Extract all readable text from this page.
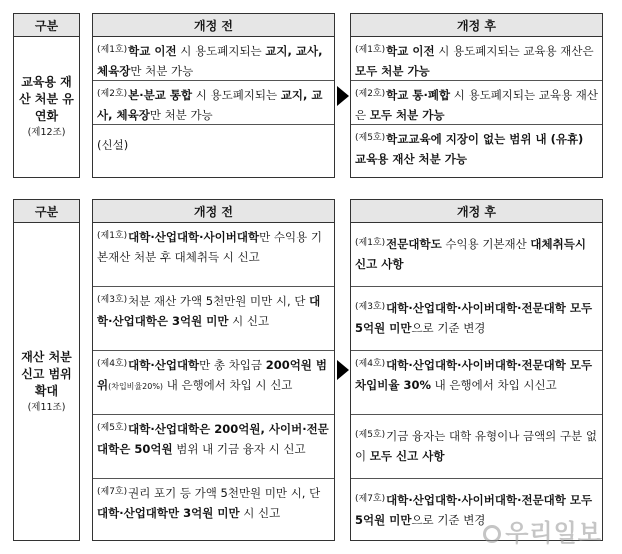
구분
교육용 재산 처분 유연화
(제12조)
개정 전
$^{(제1호)}$학교 이전 시 용도폐지되는 교지, 교사, 체육장만 처분 가능
$^{(제2호)}$본·분교 통합 시 용도폐지되는 교지, 교사, 체육장만 처분 가능
(신설)
개정 후
$^{(제1호)}$학교 이전 시 용도폐지되는 교육용 재산은 모두 처분 가능
$^{(제2호)}$학교 통·폐합 시 용도폐지되는 교육용 재산은 모두 처분 가능
$^{(제5호)}$학교교육에 지장이 없는 범위 내 (유휴) 교육용 재산 처분 가능
구분
재산 처분 신고 범위 확대
(제11조)
개정 전
$^{(제1호)}$대학·산업대학·사이버대학만 수익용 기본재산 처분 후 대체취득 시 신고
$^{(제3호)}$처분 재산 가액 5천만원 미만 시, 단 대학·산업대학은 3억원 미만 시 신고
$^{(제4호)}$대학·산업대학만 총 차입금 200억원 범위(차입비율20%) 내 은행에서 차입 시 신고
$^{(제5호)}$대학·산업대학은 200억원, 사이버·전문대학은 50억원 범위 내 기금 융자 시 신고
$^{(제7호)}$권리 포기 등 가액 5천만원 미만 시, 단 대학·산업대학만 3억원 미만 시 신고
개정 후
$^{(제1호)}$전문대학도 수익용 기본재산 대체취득시 신고 사항
$^{(제3호)}$대학·산업대학·사이버대학·전문대학 모두 5억원 미만으로 기준 변경
$^{(제4호)}$대학·산업대학·사이버대학·전문대학 모두 차입비율 30% 내 은행에서 차입 시신고
$^{(제5호)}$기금 융자는 대학 유형이나 금액의 구분 없이 모두 신고 사항
$^{(제7호)}$대학·산업대학·사이버대학·전문대학 모두 5억원 미만으로 기준 변경 우리일보
